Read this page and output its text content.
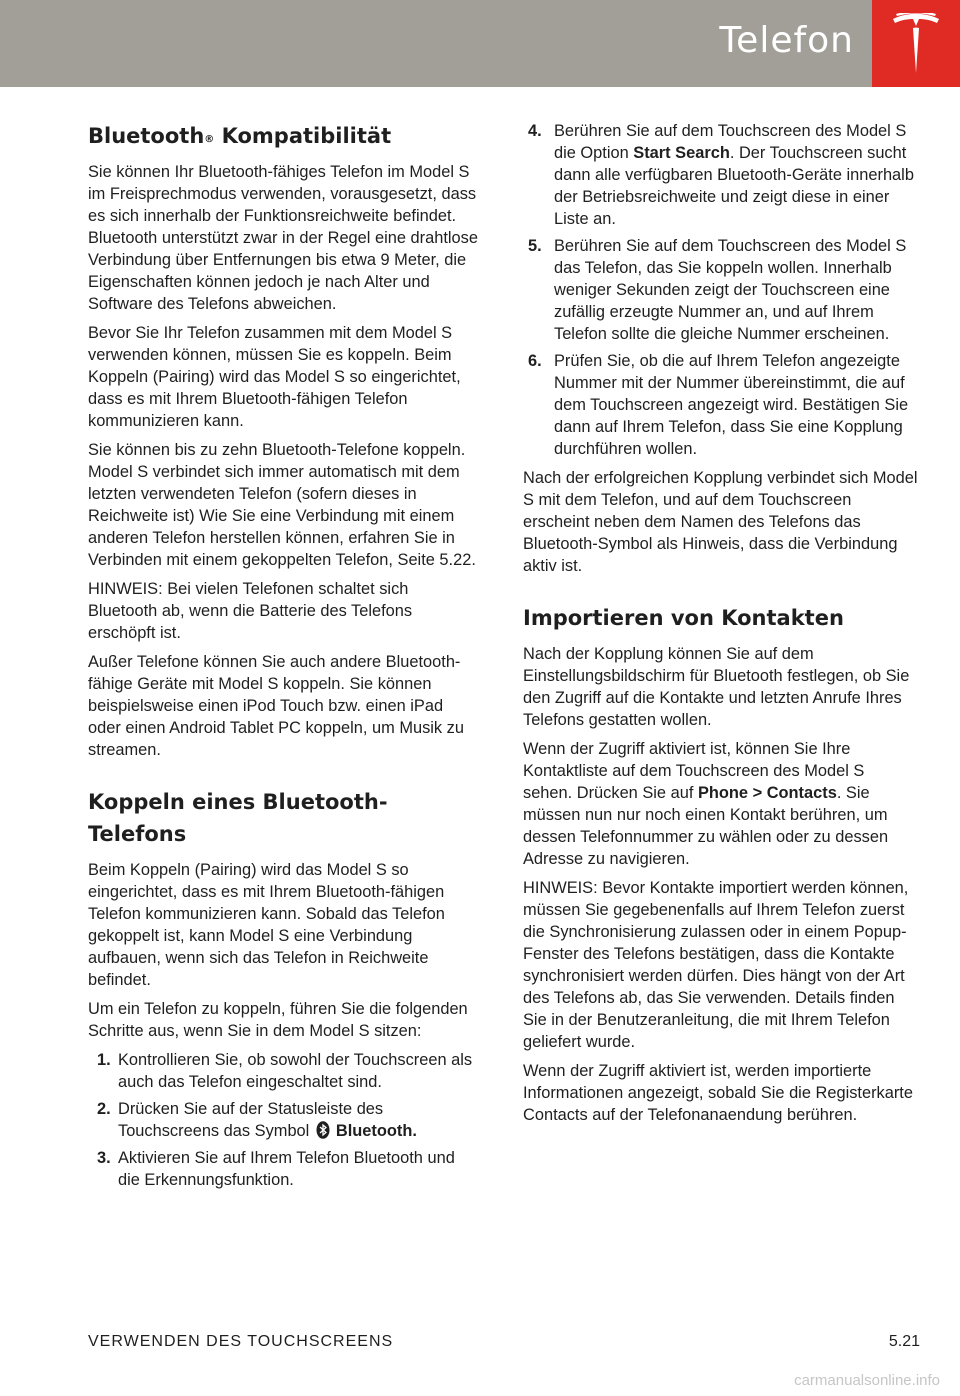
Telefon
Bluetooth® Kompatibilität

Sie können Ihr Bluetooth-fähiges Telefon im Model S im Freisprechmodus verwenden, vorausgesetzt, dass es sich innerhalb der Funktionsreichweite befindet. Bluetooth unterstützt zwar in der Regel eine drahtlose Verbindung über Entfernungen bis etwa 9 Meter, die Eigenschaften können jedoch je nach Alter und Software des Telefons abweichen.

Bevor Sie Ihr Telefon zusammen mit dem Model S verwenden können, müssen Sie es koppeln. Beim Koppeln (Pairing) wird das Model S so eingerichtet, dass es mit Ihrem Bluetooth-fähigen Telefon kommunizieren kann.

Sie können bis zu zehn Bluetooth-Telefone koppeln. Model S verbindet sich immer automatisch mit dem letzten verwendeten Telefon (sofern dieses in Reichweite ist) Wie Sie eine Verbindung mit einem anderen Telefon herstellen können, erfahren Sie in Verbinden mit einem gekoppelten Telefon, Seite 5.22.

HINWEIS: Bei vielen Telefonen schaltet sich Bluetooth ab, wenn die Batterie des Telefons erschöpft ist.

Außer Telefone können Sie auch andere Bluetooth-fähige Geräte mit Model S koppeln. Sie können beispielsweise einen iPod Touch bzw. einen iPad oder einen Android Tablet PC koppeln, um Musik zu streamen.

Koppeln eines Bluetooth-Telefons

Beim Koppeln (Pairing) wird das Model S so eingerichtet, dass es mit Ihrem Bluetooth-fähigen Telefon kommunizieren kann. Sobald das Telefon gekoppelt ist, kann Model S eine Verbindung aufbauen, wenn sich das Telefon in Reichweite befindet.

Um ein Telefon zu koppeln, führen Sie die folgenden Schritte aus, wenn Sie in dem Model S sitzen:

1. Kontrollieren Sie, ob sowohl der Touchscreen als auch das Telefon eingeschaltet sind.
2. Drücken Sie auf der Statusleiste des Touchscreens das Symbol Bluetooth.
3. Aktivieren Sie auf Ihrem Telefon Bluetooth und die Erkennungsfunktion.
4. Berühren Sie auf dem Touchscreen des Model S die Option Start Search. Der Touchscreen sucht dann alle verfügbaren Bluetooth-Geräte innerhalb der Betriebsreichweite und zeigt diese in einer Liste an.
5. Berühren Sie auf dem Touchscreen des Model S das Telefon, das Sie koppeln wollen. Innerhalb weniger Sekunden zeigt der Touchscreen eine zufällig erzeugte Nummer an, und auf Ihrem Telefon sollte die gleiche Nummer erscheinen.
6. Prüfen Sie, ob die auf Ihrem Telefon angezeigte Nummer mit der Nummer übereinstimmt, die auf dem Touchscreen angezeigt wird. Bestätigen Sie dann auf Ihrem Telefon, dass Sie eine Kopplung durchführen wollen.

Nach der erfolgreichen Kopplung verbindet sich Model S mit dem Telefon, und auf dem Touchscreen erscheint neben dem Namen des Telefons das Bluetooth-Symbol als Hinweis, dass die Verbindung aktiv ist.

Importieren von Kontakten

Nach der Kopplung können Sie auf dem Einstellungsbildschirm für Bluetooth festlegen, ob Sie den Zugriff auf die Kontakte und letzten Anrufe Ihres Telefons gestatten wollen.

Wenn der Zugriff aktiviert ist, können Sie Ihre Kontaktliste auf dem Touchscreen des Model S sehen. Drücken Sie auf Phone > Contacts. Sie müssen nun nur noch einen Kontakt berühren, um dessen Telefonnummer zu wählen oder zu dessen Adresse zu navigieren.

HINWEIS: Bevor Kontakte importiert werden können, müssen Sie gegebenenfalls auf Ihrem Telefon zuerst die Synchronisierung zulassen oder in einem Popup-Fenster des Telefons bestätigen, dass die Kontakte synchronisiert werden dürfen. Dies hängt von der Art des Telefons ab, das Sie verwenden. Details finden Sie in der Benutzeranleitung, die mit Ihrem Telefon geliefert wurde.

Wenn der Zugriff aktiviert ist, werden importierte Informationen angezeigt, sobald Sie die Registerkarte Contacts auf der Telefonanaendung berühren.

VERWENDEN DES TOUCHSCREENS	5.21
carmanualsonline.info
